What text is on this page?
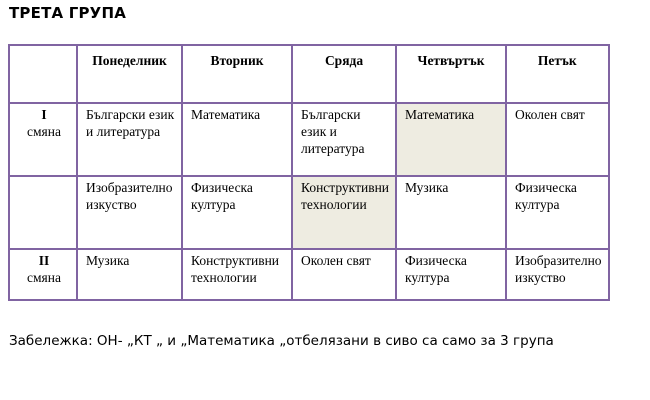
ТРЕТА ГРУПА
	Понеделник	Вторник	Сряда	Четвъртък	Петък

I
смяна	Български език и литература	Математика	Български език и литература	Математика	Околен свят

	Изобразително изкуство	Физическа култура	Конструктивни технологии	Музика	Физическа култура

II
смяна	Музика	Конструктивни технологии	Околен свят	Физическа култура	Изобразително изкуство
Забележка: ОН- „КТ „ и „Математика „отбелязани в сиво са само за 3 група
